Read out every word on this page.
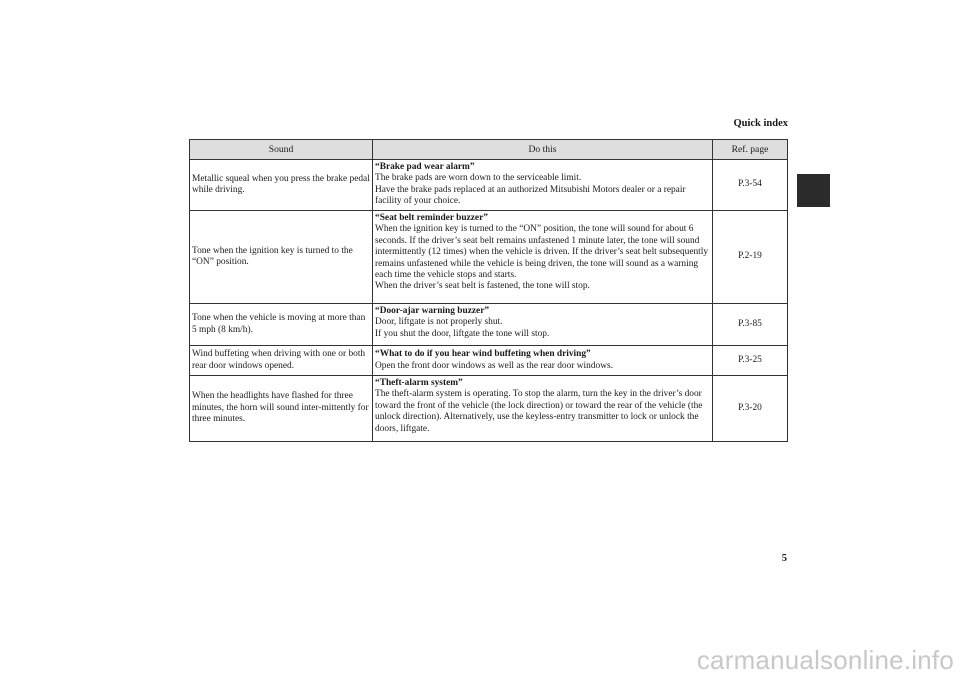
Quick index
Sound	Do this	Ref. page
Metallic squeal when you press the brake pedal while driving.	“Brake pad wear alarm”
The brake pads are worn down to the serviceable limit.
Have the brake pads replaced at an authorized Mitsubishi Motors dealer or a repair facility of your choice.	P.3-54
Tone when the ignition key is turned to the “ON” position.	“Seat belt reminder buzzer”
When the ignition key is turned to the “ON” position, the tone will sound for about 6 seconds. If the driver’s seat belt remains unfastened 1 minute later, the tone will sound intermittently (12 times) when the vehicle is driven. If the driver’s seat belt subsequently remains unfastened while the vehicle is being driven, the tone will sound as a warning each time the vehicle stops and starts.
When the driver’s seat belt is fastened, the tone will stop.	P.2-19
Tone when the vehicle is moving at more than 5 mph (8 km/h).	“Door-ajar warning buzzer”
Door, liftgate is not properly shut.
If you shut the door, liftgate the tone will stop.	P.3-85
Wind buffeting when driving with one or both rear door windows opened.	“What to do if you hear wind buffeting when driving”
Open the front door windows as well as the rear door windows.	P.3-25
When the headlights have flashed for three minutes, the horn will sound inter-mittently for three minutes.	“Theft-alarm system”
The theft-alarm system is operating. To stop the alarm, turn the key in the driver’s door toward the front of the vehicle (the lock direction) or toward the rear of the vehicle (the unlock direction). Alternatively, use the keyless-entry transmitter to lock or unlock the doors, liftgate.	P.3-20
5
carmanualsonline.info
